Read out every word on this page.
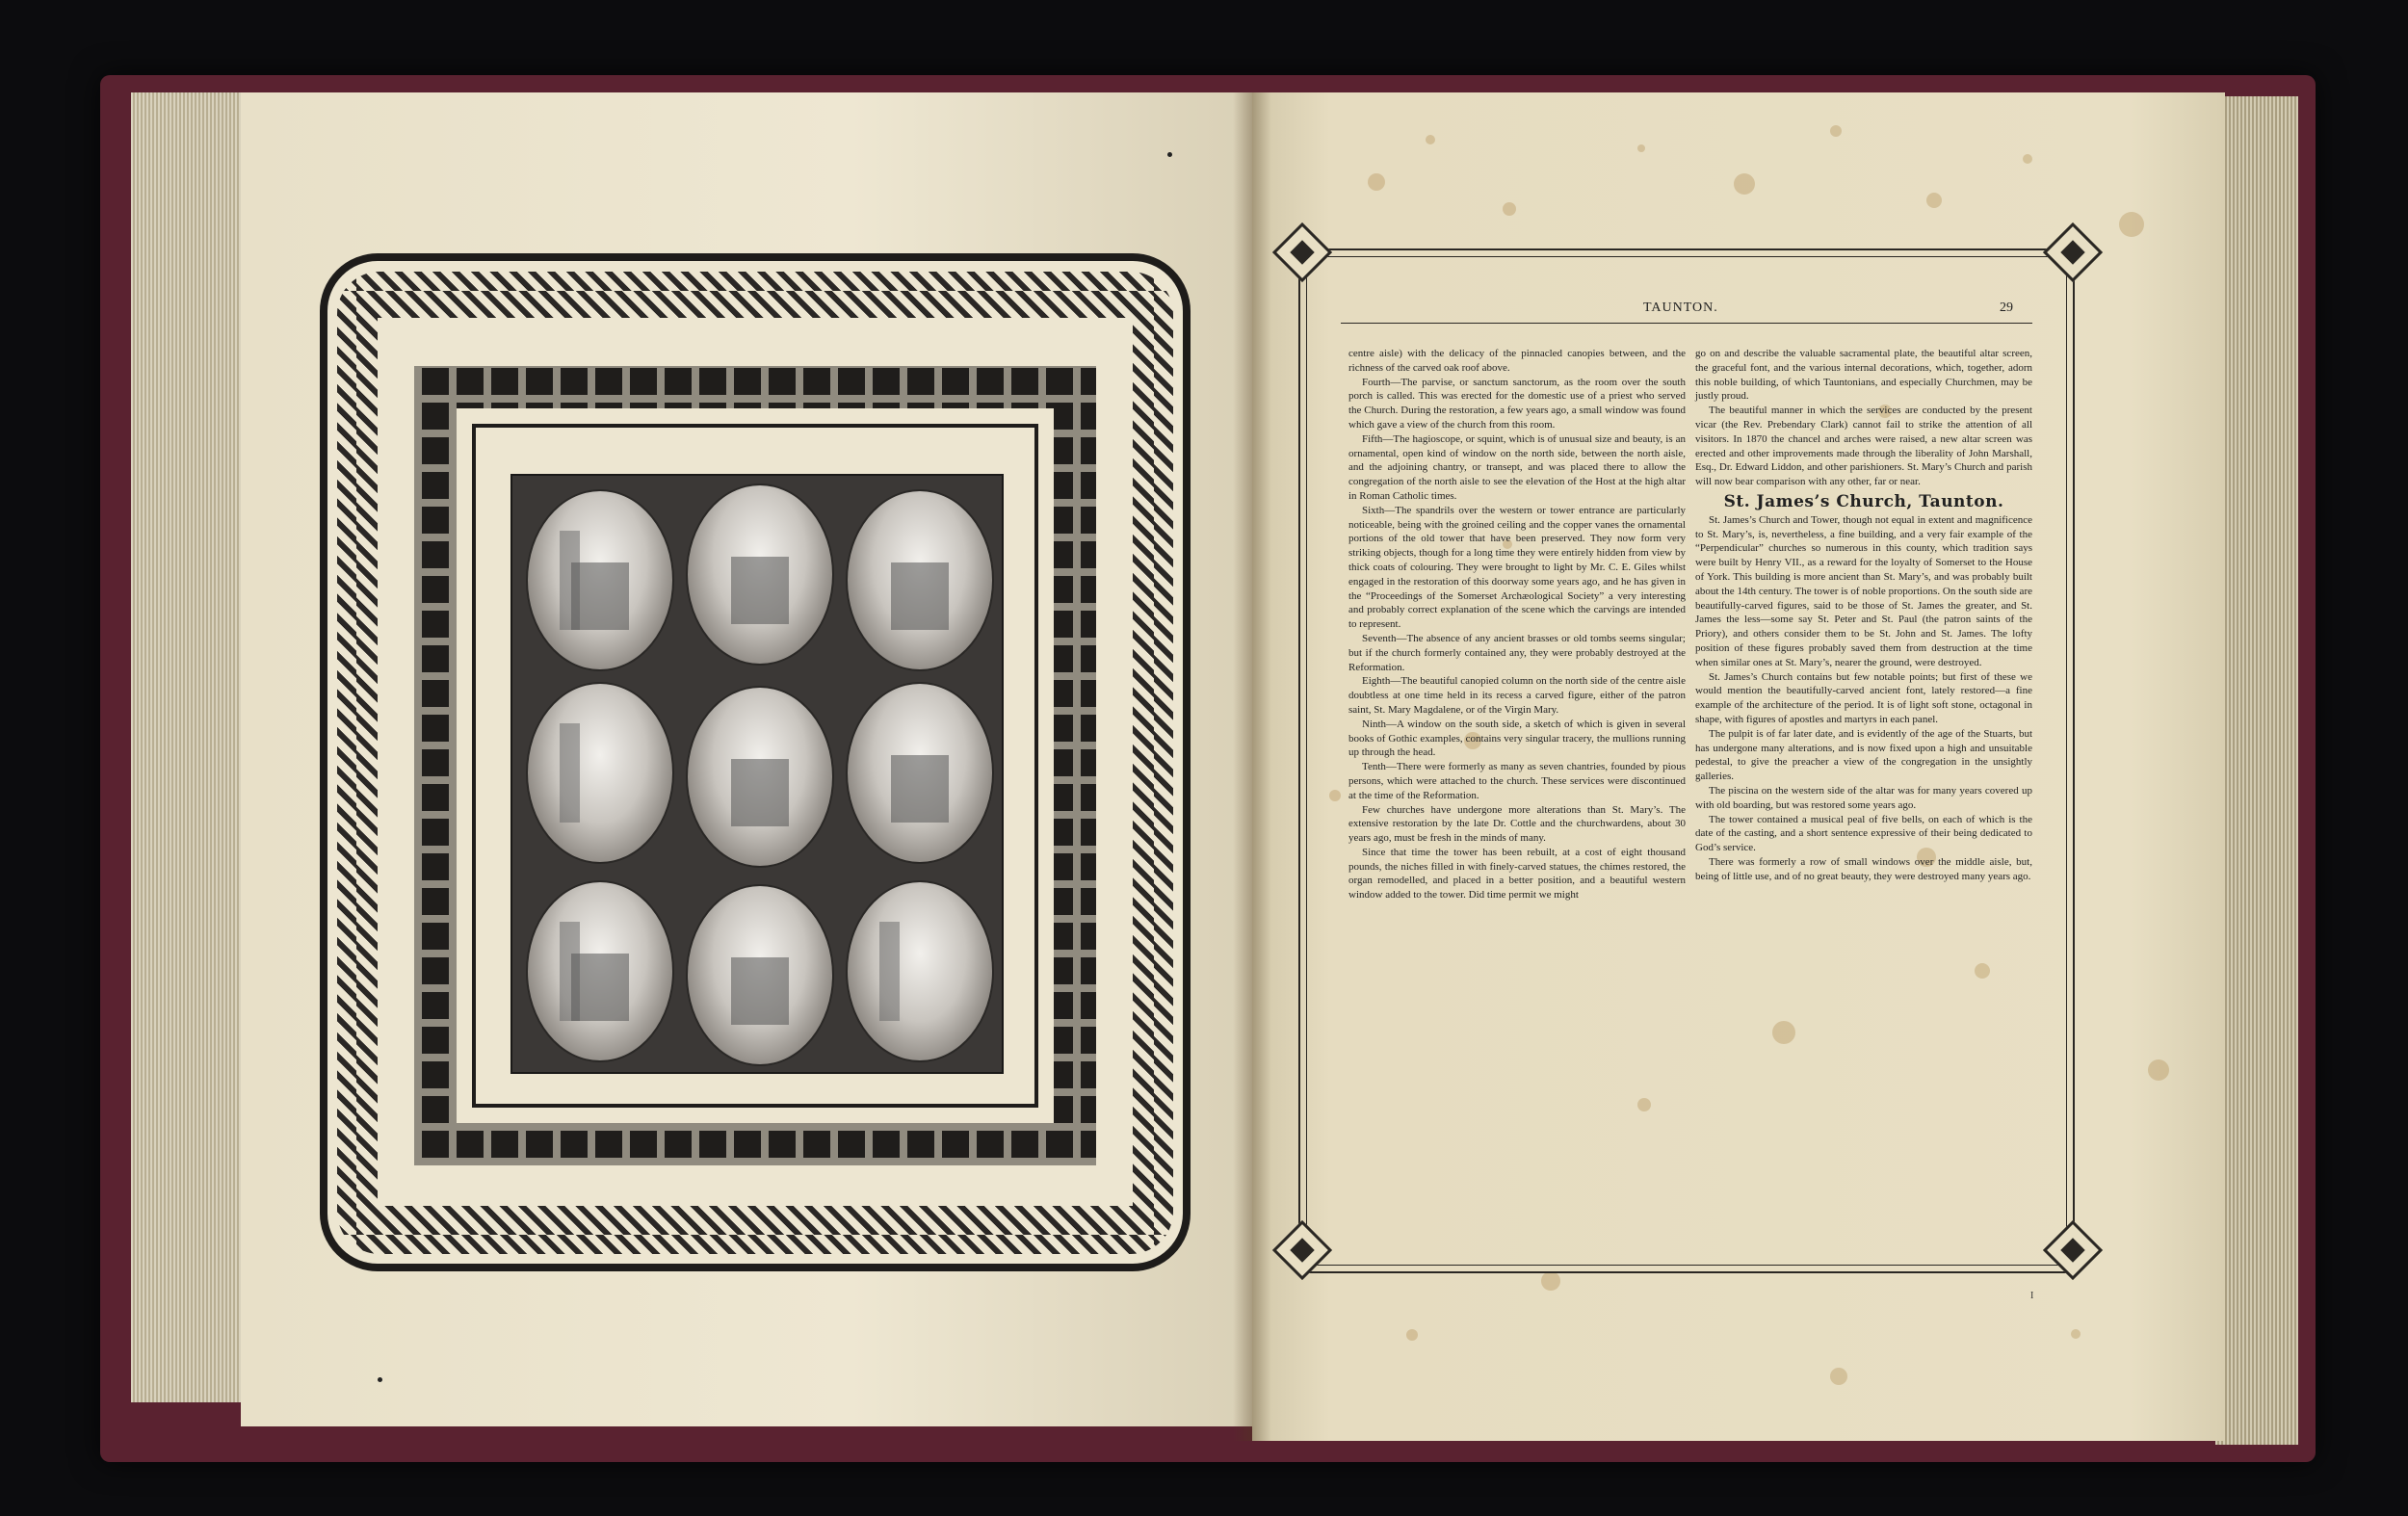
TAUNTON.	29

centre aisle) with the delicacy of the pinnacled canopies between, and the richness of the carved oak roof above.

Fourth—The parvise, or sanctum sanctorum, as the room over the south porch is called. This was erected for the domestic use of a priest who served the Church. During the restoration, a few years ago, a small window was found which gave a view of the church from this room.

Fifth—The hagioscope, or squint, which is of unusual size and beauty, is an ornamental, open kind of window on the north side, between the north aisle, and the adjoining chantry, or transept, and was placed there to allow the congregation of the north aisle to see the elevation of the Host at the high altar in Roman Catholic times.

Sixth—The spandrils over the western or tower entrance are particularly noticeable, being with the groined ceiling and the copper vanes the ornamental portions of the old tower that have been preserved. They now form very striking objects, though for a long time they were entirely hidden from view by thick coats of colouring. They were brought to light by Mr. C. E. Giles whilst engaged in the restoration of this doorway some years ago, and he has given in the “Proceedings of the Somerset Archæological Society” a very interesting and probably correct explanation of the scene which the carvings are intended to represent.

Seventh—The absence of any ancient brasses or old tombs seems singular; but if the church formerly contained any, they were probably destroyed at the Reformation.

Eighth—The beautiful canopied column on the north side of the centre aisle doubtless at one time held in its recess a carved figure, either of the patron saint, St. Mary Magdalene, or of the Virgin Mary.

Ninth—A window on the south side, a sketch of which is given in several books of Gothic examples, contains very singular tracery, the mullions running up through the head.

Tenth—There were formerly as many as seven chantries, founded by pious persons, which were attached to the church. These services were discontinued at the time of the Reformation.

Few churches have undergone more alterations than St. Mary’s. The extensive restoration by the late Dr. Cottle and the churchwardens, about 30 years ago, must be fresh in the minds of many.

Since that time the tower has been rebuilt, at a cost of eight thousand pounds, the niches filled in with finely-carved statues, the chimes restored, the organ remodelled, and placed in a better position, and a beautiful western window added to the tower. Did time permit we might

go on and describe the valuable sacramental plate, the beautiful altar screen, the graceful font, and the various internal decorations, which, together, adorn this noble building, of which Tauntonians, and especially Churchmen, may be justly proud.

The beautiful manner in which the services are conducted by the present vicar (the Rev. Prebendary Clark) cannot fail to strike the attention of all visitors. In 1870 the chancel and arches were raised, a new altar screen was erected and other improvements made through the liberality of John Marshall, Esq., Dr. Edward Liddon, and other parishioners. St. Mary’s Church and parish will now bear comparison with any other, far or near.

St. James’s Church, Taunton.

St. James’s Church and Tower, though not equal in extent and magnificence to St. Mary’s, is, nevertheless, a fine building, and a very fair example of the “Perpendicular” churches so numerous in this county, which tradition says were built by Henry VII., as a reward for the loyalty of Somerset to the House of York. This building is more ancient than St. Mary’s, and was probably built about the 14th century. The tower is of noble proportions. On the south side are beautifully-carved figures, said to be those of St. James the greater, and St. James the less—some say St. Peter and St. Paul (the patron saints of the Priory), and others consider them to be St. John and St. James. The lofty position of these figures probably saved them from destruction at the time when similar ones at St. Mary’s, nearer the ground, were destroyed.

St. James’s Church contains but few notable points; but first of these we would mention the beautifully-carved ancient font, lately restored—a fine example of the architecture of the period. It is of light soft stone, octagonal in shape, with figures of apostles and martyrs in each panel.

The pulpit is of far later date, and is evidently of the age of the Stuarts, but has undergone many alterations, and is now fixed upon a high and unsuitable pedestal, to give the preacher a view of the congregation in the unsightly galleries.

The piscina on the western side of the altar was for many years covered up with old boarding, but was restored some years ago.

The tower contained a musical peal of five bells, on each of which is the date of the casting, and a short sentence expressive of their being dedicated to God’s service.

There was formerly a row of small windows over the middle aisle, but, being of little use, and of no great beauty, they were destroyed many years ago.

I
